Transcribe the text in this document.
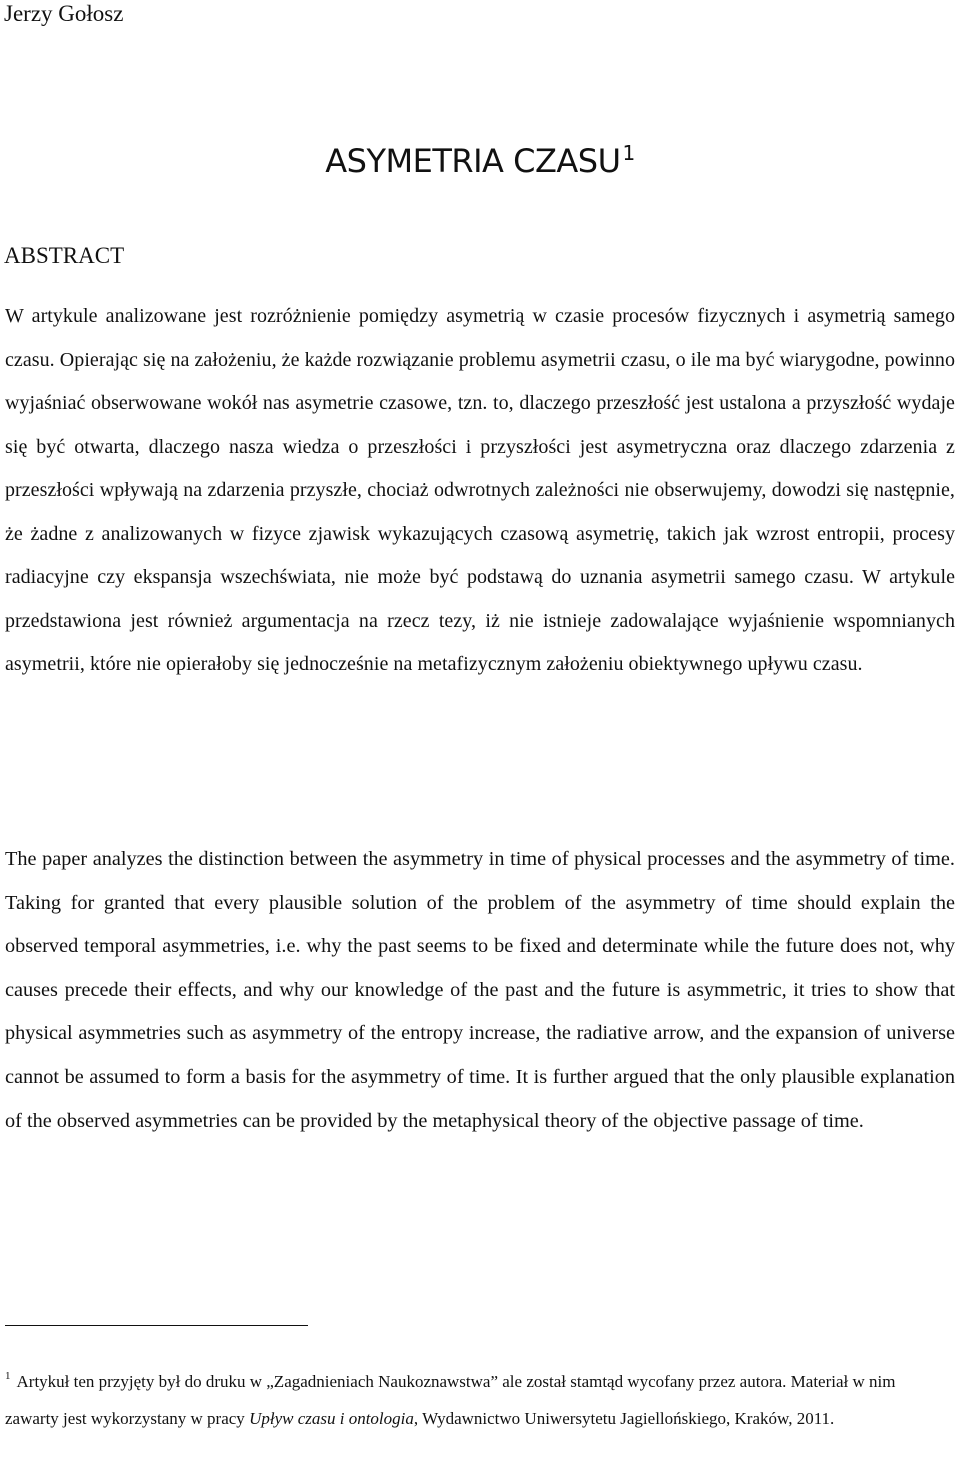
Jerzy Gołosz
ASYMETRIA CZASU $^1$
ABSTRACT

W artykule analizowane jest rozróżnienie pomiędzy asymetrią w czasie procesów fizycznych i asymetrią samego czasu. Opierając się na założeniu, że każde rozwiązanie problemu asymetrii czasu, o ile ma być wiarygodne, powinno wyjaśniać obserwowane wokół nas asymetrie czasowe, tzn. to, dlaczego przeszłość jest ustalona a przyszłość wydaje się być otwarta, dlaczego nasza wiedza o przeszłości i przyszłości jest asymetryczna oraz dlaczego zdarzenia z przeszłości wpływają na zdarzenia przyszłe, chociaż odwrotnych zależności nie obserwujemy, dowodzi się następnie, że żadne z analizowanych w fizyce zjawisk wykazujących czasową asymetrię, takich jak wzrost entropii, procesy radiacyjne czy ekspansja wszechświata, nie może być podstawą do uznania asymetrii samego czasu. W artykule przedstawiona jest również argumentacja na rzecz tezy, iż nie istnieje zadowalające wyjaśnienie wspomnianych asymetrii, które nie opierałoby się jednocześnie na metafizycznym założeniu obiektywnego upływu czasu.

The paper analyzes the distinction between the asymmetry in time of physical processes and the asymmetry of time. Taking for granted that every plausible solution of the problem of the asymmetry of time should explain the observed temporal asymmetries, i.e. why the past seems to be fixed and determinate while the future does not, why causes precede their effects, and why our knowledge of the past and the future is asymmetric, it tries to show that physical asymmetries such as asymmetry of the entropy increase, the radiative arrow, and the expansion of universe cannot be assumed to form a basis for the asymmetry of time. It is further argued that the only plausible explanation of the observed asymmetries can be provided by the metaphysical theory of the objective passage of time.

$^1$ Artykuł ten przyjęty był do druku w „Zagadnieniach Naukoznawstwa” ale został stamtąd wycofany przez autora. Materiał w nim zawarty jest wykorzystany w pracy Upływ czasu i ontologia, Wydawnictwo Uniwersytetu Jagiellońskiego, Kraków, 2011.
